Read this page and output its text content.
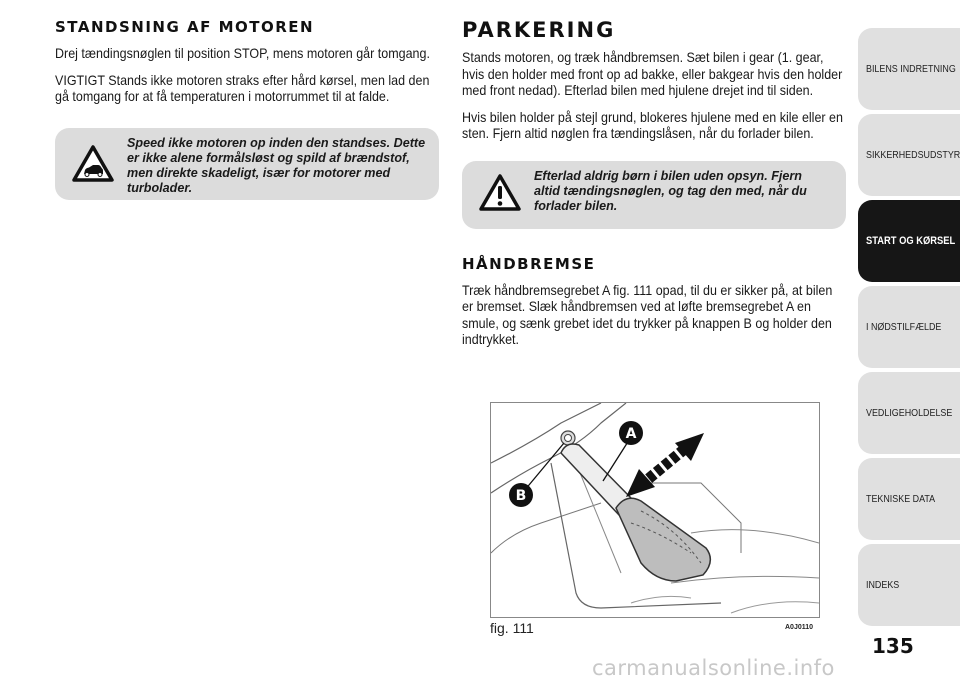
STANDSNING AF MOTOREN

Drej tændingsnøglen til position STOP, mens motoren går tomgang.

VIGTIGT Stands ikke motoren straks efter hård kørsel, men lad den gå tomgang for at få temperaturen i motorrummet til at falde.

Speed ikke motoren op inden den standses. Dette er ikke alene formålsløst og spild af brændstof, men direkte skadeligt, især for motorer med turbolader.
PARKERING

Stands motoren, og træk håndbremsen. Sæt bilen i gear (1. gear, hvis den holder med front op ad bakke, eller bakgear hvis den holder med front nedad). Efterlad bilen med hjulene drejet ind til siden.

Hvis bilen holder på stejl grund, blokeres hjulene med en kile eller en sten. Fjern altid nøglen fra tændingslåsen, når du forlader bilen.

Efterlad aldrig børn i bilen uden opsyn. Fjern altid tændingsnøglen, og tag den med, når du forlader bilen.
HÅNDBREMSE

Træk håndbremsegrebet A fig. 111 opad, til du er sikker på, at bilen er bremset. Slæk håndbremsen ved at løfte bremsegrebet A en smule, og sænk grebet idet du trykker på knappen B og holder den indtrykket.

A
B
fig. 111	A0J0110
BILENS INDRETNING
SIKKERHEDSUDSTYR
START OG KØRSEL
I NØDSTILFÆLDE
VEDLIGEHOLDELSE
TEKNISKE DATA
INDEKS
135
carmanualsonline.info
